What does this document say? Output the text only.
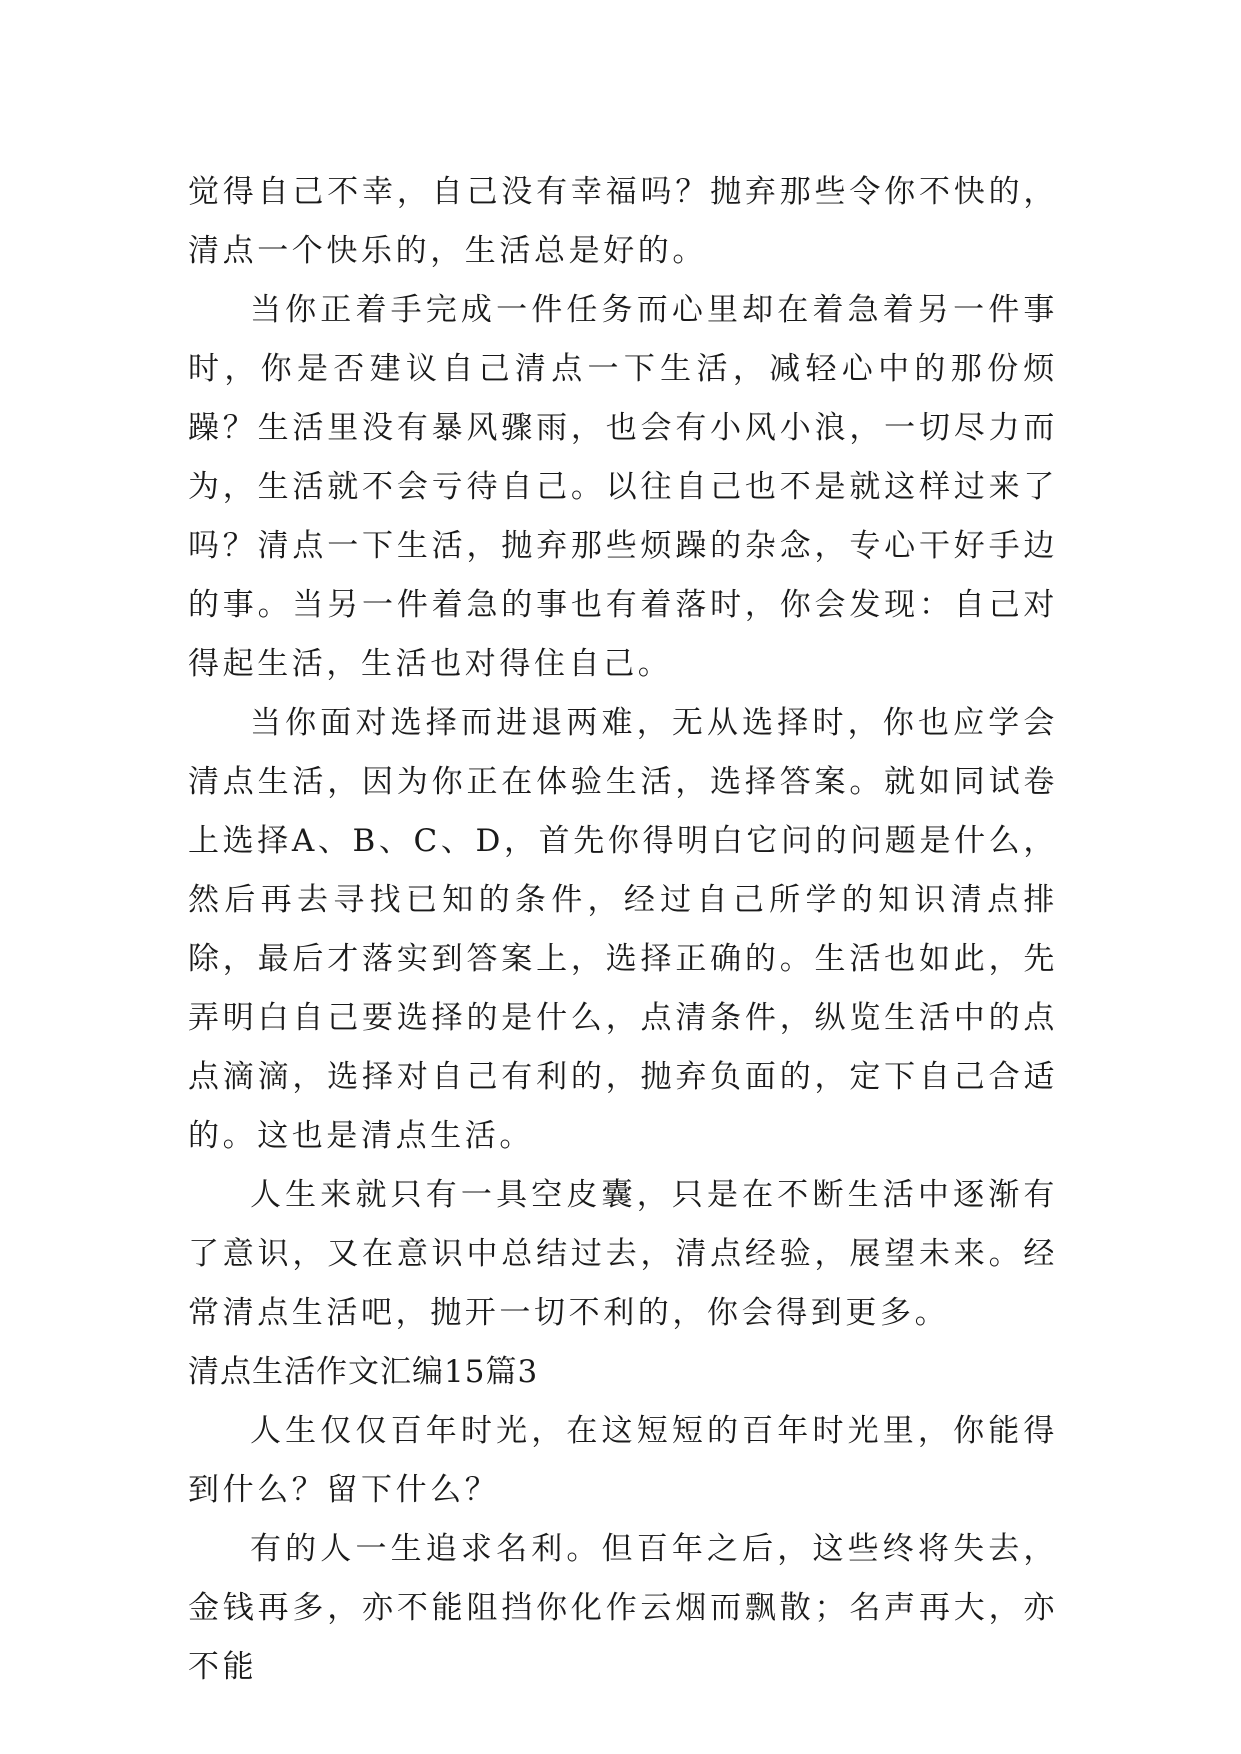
觉得自己不幸，自己没有幸福吗？抛弃那些令你不快的，清点一个快乐的，生活总是好的。

当你正着手完成一件任务而心里却在着急着另一件事时，你是否建议自己清点一下生活，减轻心中的那份烦躁？生活里没有暴风骤雨，也会有小风小浪，一切尽力而为，生活就不会亏待自己。以往自己也不是就这样过来了吗？清点一下生活，抛弃那些烦躁的杂念，专心干好手边的事。当另一件着急的事也有着落时，你会发现：自己对得起生活，生活也对得住自己。

当你面对选择而进退两难，无从选择时，你也应学会清点生活，因为你正在体验生活，选择答案。就如同试卷上选择A、B、C、D，首先你得明白它问的问题是什么，然后再去寻找已知的条件，经过自己所学的知识清点排除，最后才落实到答案上，选择正确的。生活也如此，先弄明白自己要选择的是什么，点清条件，纵览生活中的点点滴滴，选择对自己有利的，抛弃负面的，定下自己合适的。这也是清点生活。

人生来就只有一具空皮囊，只是在不断生活中逐渐有了意识，又在意识中总结过去，清点经验，展望未来。经常清点生活吧，抛开一切不利的，你会得到更多。

清点生活作文汇编15篇3

人生仅仅百年时光，在这短短的百年时光里，你能得到什么？留下什么？

有的人一生追求名利。但百年之后，这些终将失去，金钱再多，亦不能阻挡你化作云烟而飘散；名声再大，亦不能
